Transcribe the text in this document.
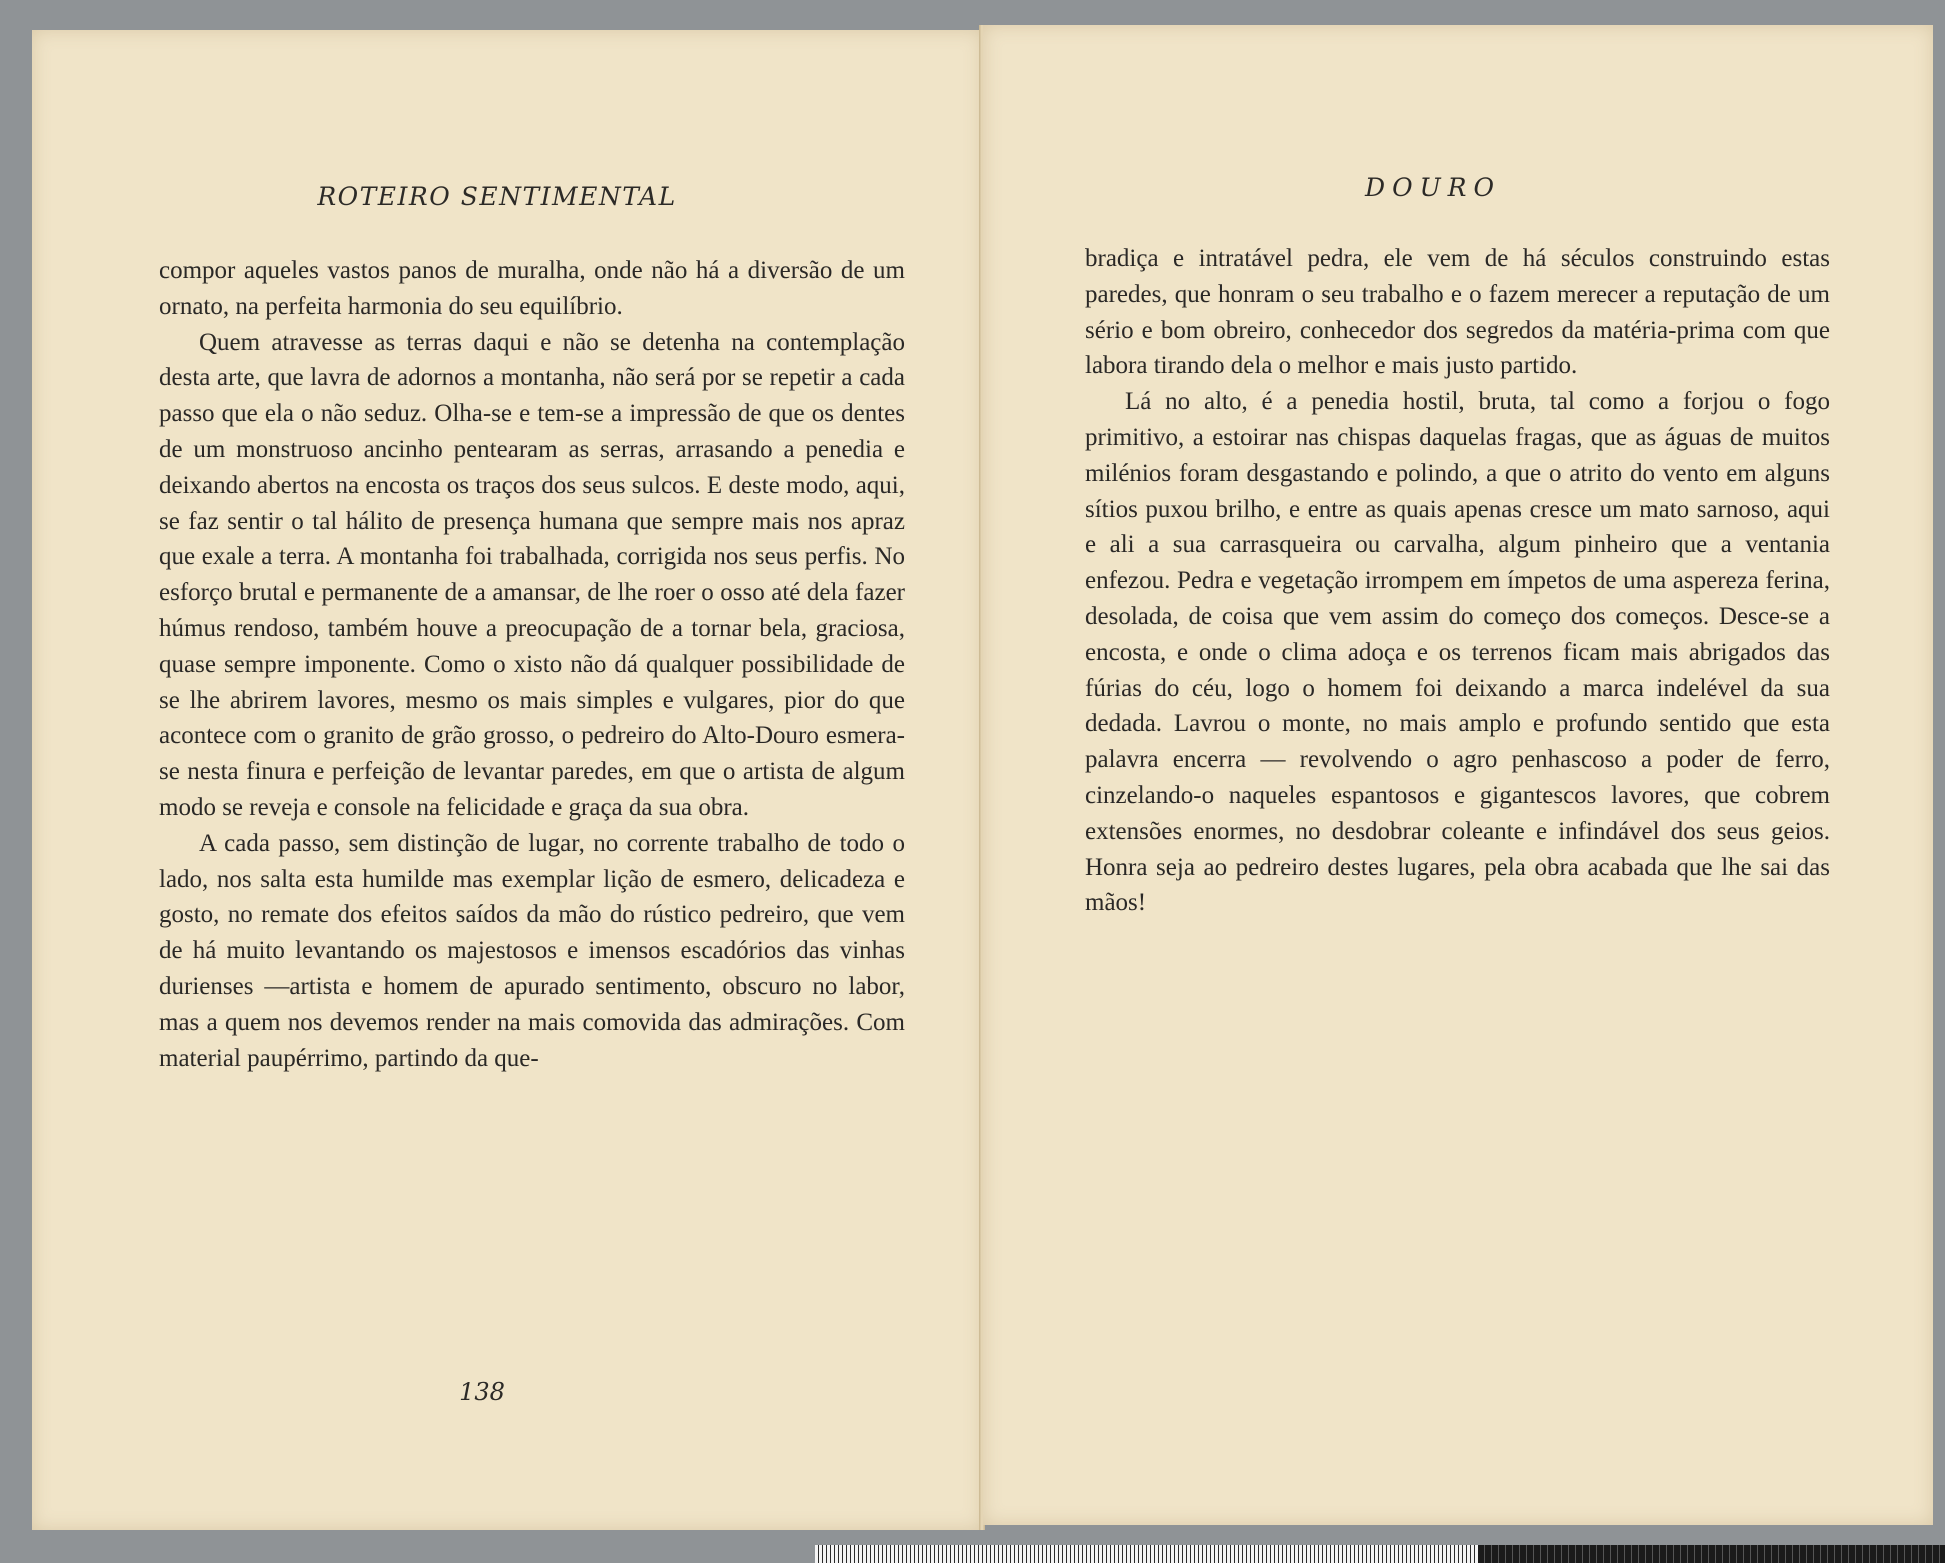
ROTEIRO SENTIMENTAL

compor aqueles vastos panos de muralha, onde não há a diversão de um ornato, na perfeita harmonia do seu equilíbrio.

Quem atravesse as terras daqui e não se detenha na contemplação desta arte, que lavra de adornos a montanha, não será por se repetir a cada passo que ela o não seduz. Olha-se e tem-se a impressão de que os dentes de um monstruoso ancinho pentearam as serras, arrasando a penedia e deixando abertos na encosta os traços dos seus sulcos. E deste modo, aqui, se faz sentir o tal hálito de presença humana que sempre mais nos apraz que exale a terra. A montanha foi trabalhada, corrigida nos seus perfis. No esforço brutal e permanente de a amansar, de lhe roer o osso até dela fazer húmus rendoso, também houve a preocupação de a tornar bela, graciosa, quase sempre imponente. Como o xisto não dá qualquer possibilidade de se lhe abrirem lavores, mesmo os mais simples e vulgares, pior do que acontece com o granito de grão grosso, o pedreiro do Alto-Douro esmera-se nesta finura e perfeição de levantar paredes, em que o artista de algum modo se reveja e console na felicidade e graça da sua obra.

A cada passo, sem distinção de lugar, no corrente trabalho de todo o lado, nos salta esta humilde mas exemplar lição de esmero, delicadeza e gosto, no remate dos efeitos saídos da mão do rústico pedreiro, que vem de há muito levantando os majestosos e imensos escadórios das vinhas durienses —artista e homem de apurado sentimento, obscuro no labor, mas a quem nos devemos render na mais comovida das admirações. Com material paupérrimo, partindo da que-

138
DOURO

bradiça e intratável pedra, ele vem de há séculos construindo estas paredes, que honram o seu trabalho e o fazem merecer a reputação de um sério e bom obreiro, conhecedor dos segredos da matéria-prima com que labora tirando dela o melhor e mais justo partido.

Lá no alto, é a penedia hostil, bruta, tal como a forjou o fogo primitivo, a estoirar nas chispas daquelas fragas, que as águas de muitos milénios foram desgastando e polindo, a que o atrito do vento em alguns sítios puxou brilho, e entre as quais apenas cresce um mato sarnoso, aqui e ali a sua carrasqueira ou carvalha, algum pinheiro que a ventania enfezou. Pedra e vegetação irrompem em ímpetos de uma aspereza ferina, desolada, de coisa que vem assim do começo dos começos. Desce-se a encosta, e onde o clima adoça e os terrenos ficam mais abrigados das fúrias do céu, logo o homem foi deixando a marca indelével da sua dedada. Lavrou o monte, no mais amplo e profundo sentido que esta palavra encerra — revolvendo o agro penhascoso a poder de ferro, cinzelando-o naqueles espantosos e gigantescos lavores, que cobrem extensões enormes, no desdobrar coleante e infindável dos seus geios. Honra seja ao pedreiro destes lugares, pela obra acabada que lhe sai das mãos!
